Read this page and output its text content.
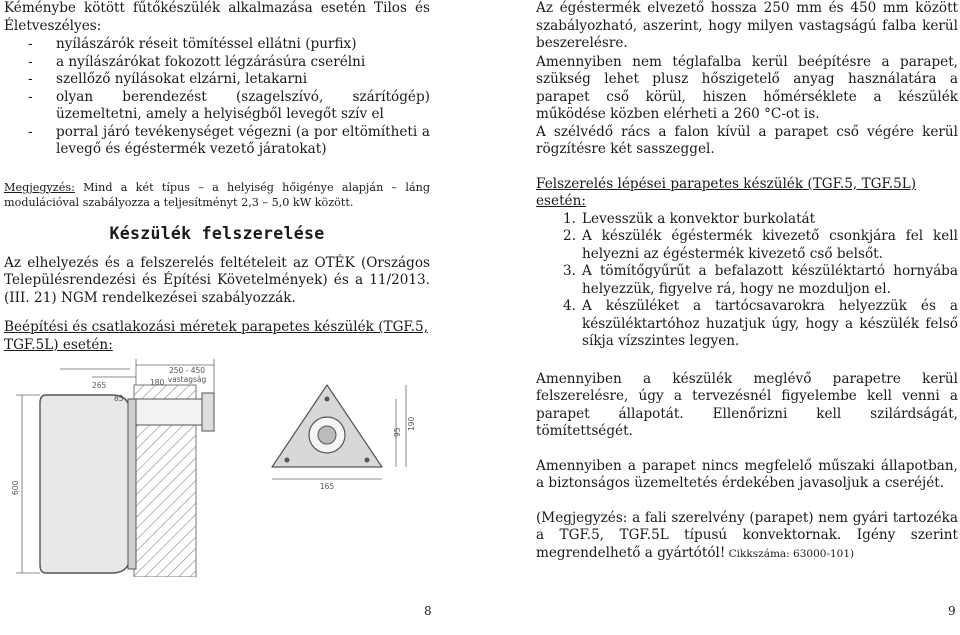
Kéménybe kötött fűtőkészülék alkalmazása esetén Tilos és Életveszélyes:

-	nyílászárók réseit tömítéssel ellátni (purfix)
-	a nyílászárókat fokozott légzárásúra cserélni
-	szellőző nyílásokat elzárni, letakarni
-	olyan berendezést (szagelszívó, szárítógép) üzemeltetni, amely a helyiségből levegőt szív el
-	porral járó tevékenységet végezni (a por eltömítheti a levegő és égéstermék vezető járatokat)

Megjegyzés: Mind a két típus – a helyiség hőigénye alapján – láng modulációval szabályozza a teljesítményt 2,3 – 5,0 kW között.

Készülék felszerelése

Az elhelyezés és a felszerelés feltételeit az OTÉK (Országos Településrendezési és Építési Követelmények) és a 11/2013. (III. 21) NGM rendelkezései szabályozzák.

Beépítési és csatlakozási méretek parapetes készülék (TGF.5, TGF.5L) esetén:

250 - 450
vastagság
180
265
85
600
95
190
165
8

Az égéstermék elvezető hossza 250 mm és 450 mm között szabályozható, aszerint, hogy milyen vastagságú falba kerül beszerelésre.

Amennyiben nem téglafalba kerül beépítésre a parapet, szükség lehet plusz hőszigetelő anyag használatára a parapet cső körül, hiszen hőmérséklete a készülék működése közben elérheti a 260 °C-ot is.

A szélvédő rács a falon kívül a parapet cső végére kerül rögzítésre két sasszeggel.

Felszerelés lépései parapetes készülék (TGF.5, TGF.5L) esetén:

1. Levesszük a konvektor burkolatát
2. A készülék égéstermék kivezető csonkjára fel kell helyezni az égéstermék kivezető cső belsőt.
3. A tömítőgyűrűt a befalazott készüléktartó hornyába helyezzük, figyelve rá, hogy ne mozduljon el.
4. A készüléket a tartócsavarokra helyezzük és a készüléktartóhoz huzatjuk úgy, hogy a készülék felső síkja vízszintes legyen.

Amennyiben a készülék meglévő parapetre kerül felszerelésre, úgy a tervezésnél figyelembe kell venni a parapet állapotát. Ellenőrizni kell szilárdságát, tömítettségét.

Amennyiben a parapet nincs megfelelő műszaki állapotban, a biztonságos üzemeltetés érdekében javasoljuk a cseréjét.

(Megjegyzés: a fali szerelvény (parapet) nem gyári tartozéka a TGF.5, TGF.5L típusú konvektornak. Igény szerint megrendelhető a gyártótól! Cikkszáma: 63000-101)

9
